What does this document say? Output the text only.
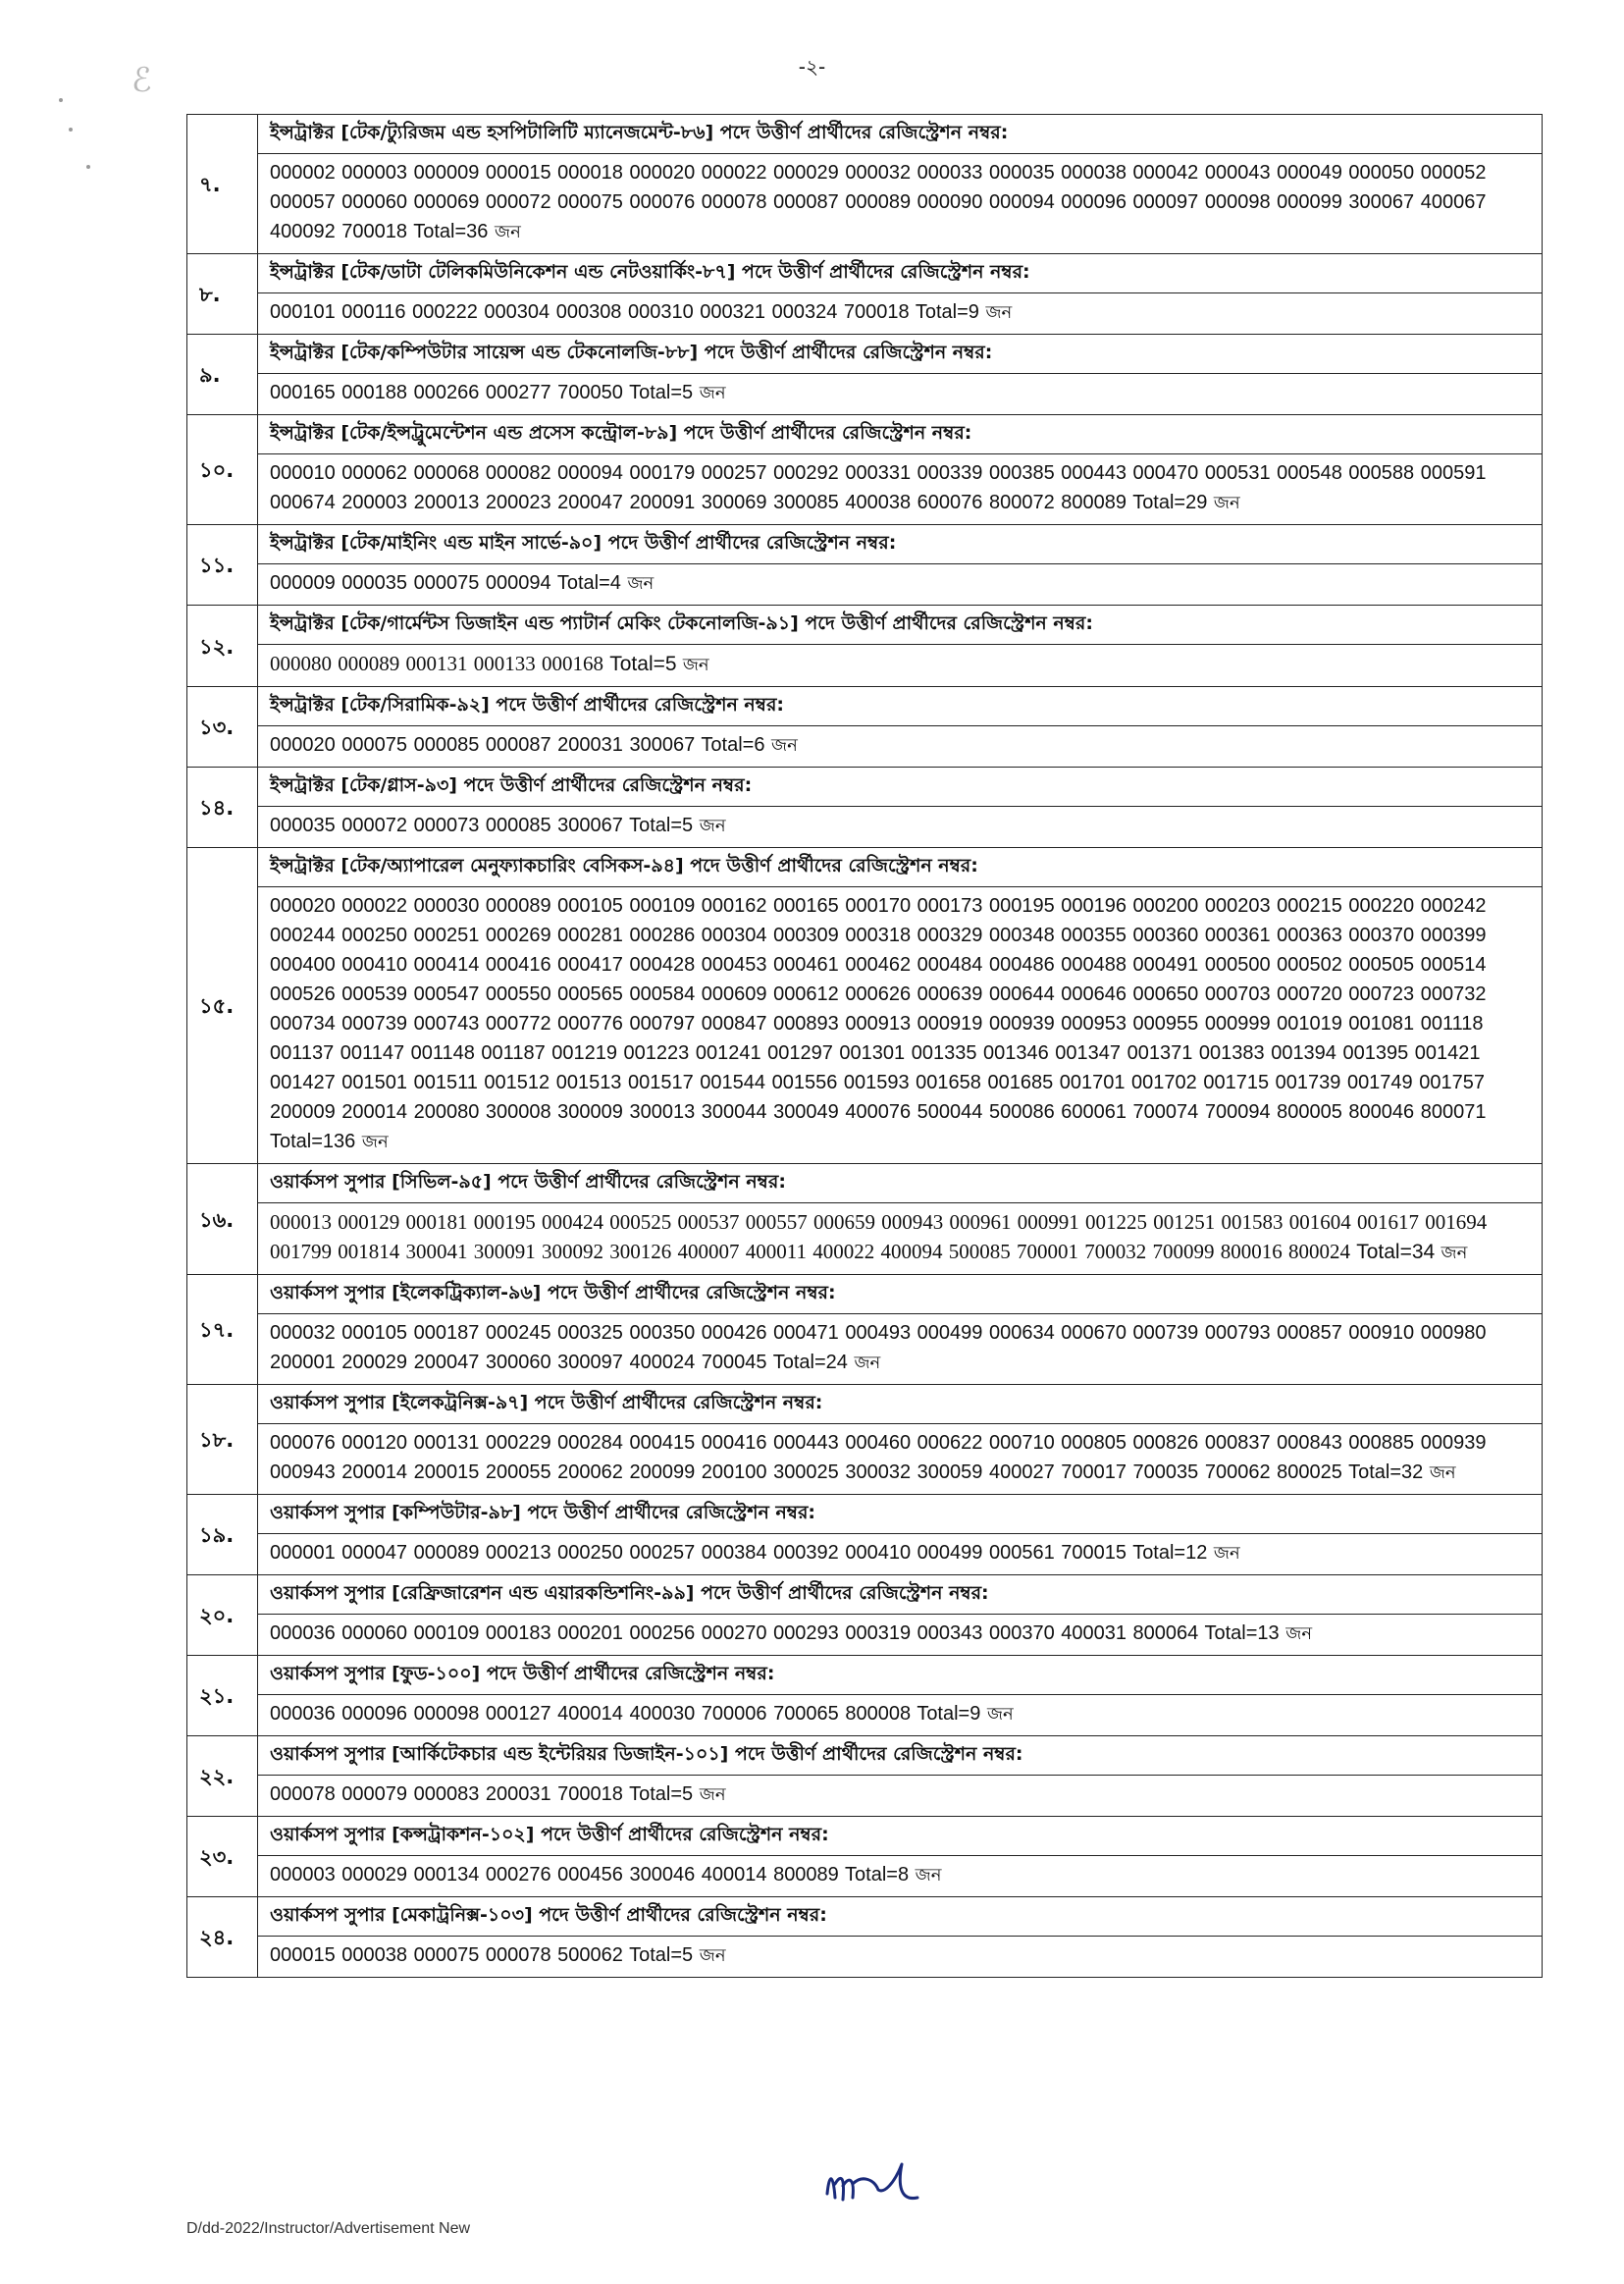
ℰ	-২-
৭.	ইন্সট্রাক্টর [টেক/ট্যুরিজম এন্ড হসপিটালিটি ম্যানেজমেন্ট-৮৬] পদে উত্তীর্ণ প্রার্থীদের রেজিস্ট্রেশন নম্বর:
	000002 000003 000009 000015 000018 000020 000022 000029 000032 000033 000035 000038 000042 000043 000049 000050 000052 000057 000060 000069 000072 000075 000076 000078 000087 000089 000090 000094 000096 000097 000098 000099 300067 400067 400092 700018 Total=36 জন
৮.	ইন্সট্রাক্টর [টেক/ডাটা টেলিকমিউনিকেশন এন্ড নেটওয়ার্কিং-৮৭] পদে উত্তীর্ণ প্রার্থীদের রেজিস্ট্রেশন নম্বর:
	000101 000116 000222 000304 000308 000310 000321 000324 700018 Total=9 জন
৯.	ইন্সট্রাক্টর [টেক/কম্পিউটার সায়েন্স এন্ড টেকনোলজি-৮৮] পদে উত্তীর্ণ প্রার্থীদের রেজিস্ট্রেশন নম্বর:
	000165 000188 000266 000277 700050 Total=5 জন
১০.	ইন্সট্রাক্টর [টেক/ইন্সট্রুমেন্টেশন এন্ড প্রসেস কন্ট্রোল-৮৯] পদে উত্তীর্ণ প্রার্থীদের রেজিস্ট্রেশন নম্বর:
	000010 000062 000068 000082 000094 000179 000257 000292 000331 000339 000385 000443 000470 000531 000548 000588 000591 000674 200003 200013 200023 200047 200091 300069 300085 400038 600076 800072 800089 Total=29 জন
১১.	ইন্সট্রাক্টর [টেক/মাইনিং এন্ড মাইন সার্ভে-৯০] পদে উত্তীর্ণ প্রার্থীদের রেজিস্ট্রেশন নম্বর:
	000009 000035 000075 000094 Total=4 জন
১২.	ইন্সট্রাক্টর [টেক/গার্মেন্টস ডিজাইন এন্ড প্যাটার্ন মেকিং টেকনোলজি-৯১] পদে উত্তীর্ণ প্রার্থীদের রেজিস্ট্রেশন নম্বর:
	000080 000089 000131 000133 000168 Total=5 জন
১৩.	ইন্সট্রাক্টর [টেক/সিরামিক-৯২] পদে উত্তীর্ণ প্রার্থীদের রেজিস্ট্রেশন নম্বর:
	000020 000075 000085 000087 200031 300067 Total=6 জন
১৪.	ইন্সট্রাক্টর [টেক/গ্লাস-৯৩] পদে উত্তীর্ণ প্রার্থীদের রেজিস্ট্রেশন নম্বর:
	000035 000072 000073 000085 300067 Total=5 জন
১৫.	ইন্সট্রাক্টর [টেক/অ্যাপারেল মেনুফ্যাকচারিং বেসিকস-৯৪] পদে উত্তীর্ণ প্রার্থীদের রেজিস্ট্রেশন নম্বর:
	000020 000022 000030 000089 000105 000109 000162 000165 000170 000173 000195 000196 000200 000203 000215 000220 000242 000244 000250 000251 000269 000281 000286 000304 000309 000318 000329 000348 000355 000360 000361 000363 000370 000399 000400 000410 000414 000416 000417 000428 000453 000461 000462 000484 000486 000488 000491 000500 000502 000505 000514 000526 000539 000547 000550 000565 000584 000609 000612 000626 000639 000644 000646 000650 000703 000720 000723 000732 000734 000739 000743 000772 000776 000797 000847 000893 000913 000919 000939 000953 000955 000999 001019 001081 001118 001137 001147 001148 001187 001219 001223 001241 001297 001301 001335 001346 001347 001371 001383 001394 001395 001421 001427 001501 001511 001512 001513 001517 001544 001556 001593 001658 001685 001701 001702 001715 001739 001749 001757 200009 200014 200080 300008 300009 300013 300044 300049 400076 500044 500086 600061 700074 700094 800005 800046 800071 Total=136 জন
১৬.	ওয়ার্কসপ সুপার [সিভিল-৯৫] পদে উত্তীর্ণ প্রার্থীদের রেজিস্ট্রেশন নম্বর:
	000013 000129 000181 000195 000424 000525 000537 000557 000659 000943 000961 000991 001225 001251 001583 001604 001617 001694 001799 001814 300041 300091 300092 300126 400007 400011 400022 400094 500085 700001 700032 700099 800016 800024 Total=34 জন
১৭.	ওয়ার্কসপ সুপার [ইলেকট্রিক্যাল-৯৬] পদে উত্তীর্ণ প্রার্থীদের রেজিস্ট্রেশন নম্বর:
	000032 000105 000187 000245 000325 000350 000426 000471 000493 000499 000634 000670 000739 000793 000857 000910 000980 200001 200029 200047 300060 300097 400024 700045 Total=24 জন
১৮.	ওয়ার্কসপ সুপার [ইলেকট্রনিক্স-৯৭] পদে উত্তীর্ণ প্রার্থীদের রেজিস্ট্রেশন নম্বর:
	000076 000120 000131 000229 000284 000415 000416 000443 000460 000622 000710 000805 000826 000837 000843 000885 000939 000943 200014 200015 200055 200062 200099 200100 300025 300032 300059 400027 700017 700035 700062 800025 Total=32 জন
১৯.	ওয়ার্কসপ সুপার [কম্পিউটার-৯৮] পদে উত্তীর্ণ প্রার্থীদের রেজিস্ট্রেশন নম্বর:
	000001 000047 000089 000213 000250 000257 000384 000392 000410 000499 000561 700015 Total=12 জন
২০.	ওয়ার্কসপ সুপার [রেফ্রিজারেশন এন্ড এয়ারকন্ডিশনিং-৯৯] পদে উত্তীর্ণ প্রার্থীদের রেজিস্ট্রেশন নম্বর:
	000036 000060 000109 000183 000201 000256 000270 000293 000319 000343 000370 400031 800064 Total=13 জন
২১.	ওয়ার্কসপ সুপার [ফুড-১০০] পদে উত্তীর্ণ প্রার্থীদের রেজিস্ট্রেশন নম্বর:
	000036 000096 000098 000127 400014 400030 700006 700065 800008 Total=9 জন
২২.	ওয়ার্কসপ সুপার [আর্কিটেকচার এন্ড ইন্টেরিয়র ডিজাইন-১০১] পদে উত্তীর্ণ প্রার্থীদের রেজিস্ট্রেশন নম্বর:
	000078 000079 000083 200031 700018 Total=5 জন
২৩.	ওয়ার্কসপ সুপার [কন্সট্রাকশন-১০২] পদে উত্তীর্ণ প্রার্থীদের রেজিস্ট্রেশন নম্বর:
	000003 000029 000134 000276 000456 300046 400014 800089 Total=8 জন
২৪.	ওয়ার্কসপ সুপার [মেকাট্রনিক্স-১০৩] পদে উত্তীর্ণ প্রার্থীদের রেজিস্ট্রেশন নম্বর:
	000015 000038 000075 000078 500062 Total=5 জন
D/dd-2022/Instructor/Advertisement New
